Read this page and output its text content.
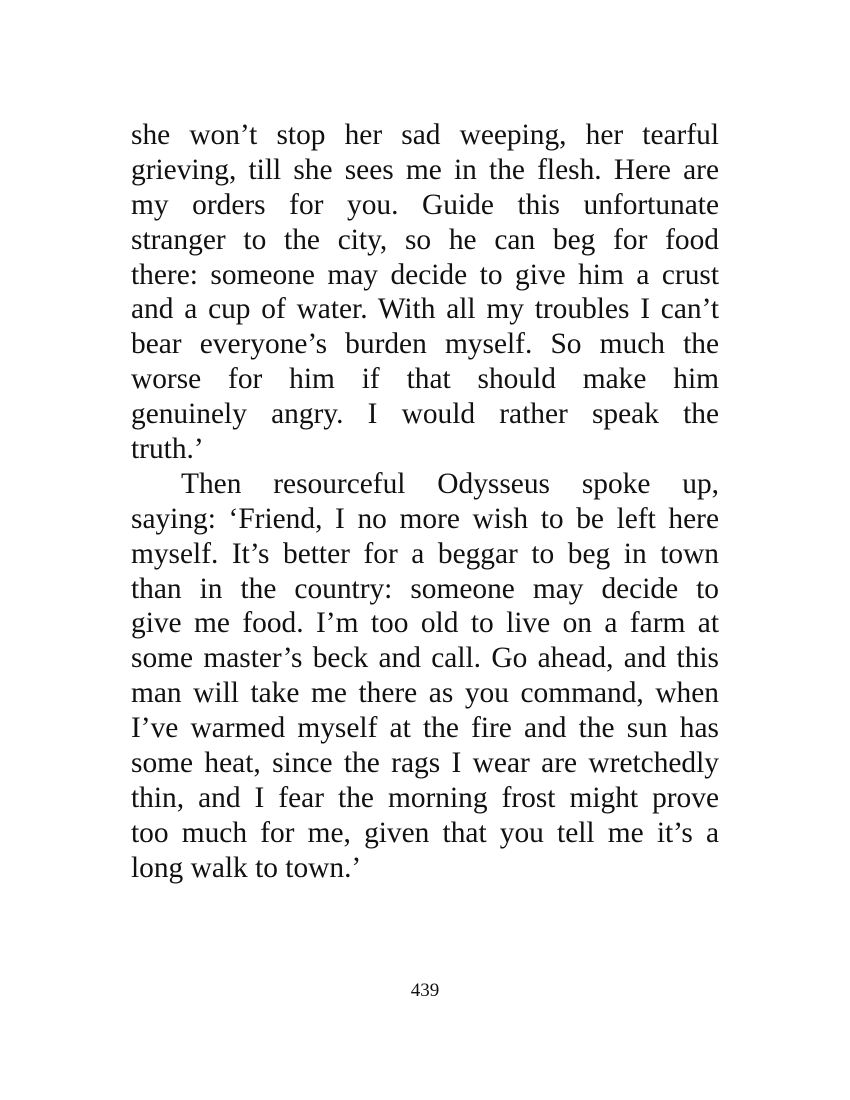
she won’t stop her sad weeping, her tearful
grieving, till she sees me in the flesh. Here are
my orders for you. Guide this unfortunate
stranger to the city, so he can beg for food
there: someone may decide to give him a crust
and a cup of water. With all my troubles I can’t
bear everyone’s burden myself. So much the
worse for him if that should make him
genuinely angry. I would rather speak the
truth.’
Then resourceful Odysseus spoke up,
saying: ‘Friend, I no more wish to be left here
myself. It’s better for a beggar to beg in town
than in the country: someone may decide to
give me food. I’m too old to live on a farm at
some master’s beck and call. Go ahead, and this
man will take me there as you command, when
I’ve warmed myself at the fire and the sun has
some heat, since the rags I wear are wretchedly
thin, and I fear the morning frost might prove
too much for me, given that you tell me it’s a
long walk to town.’
439
